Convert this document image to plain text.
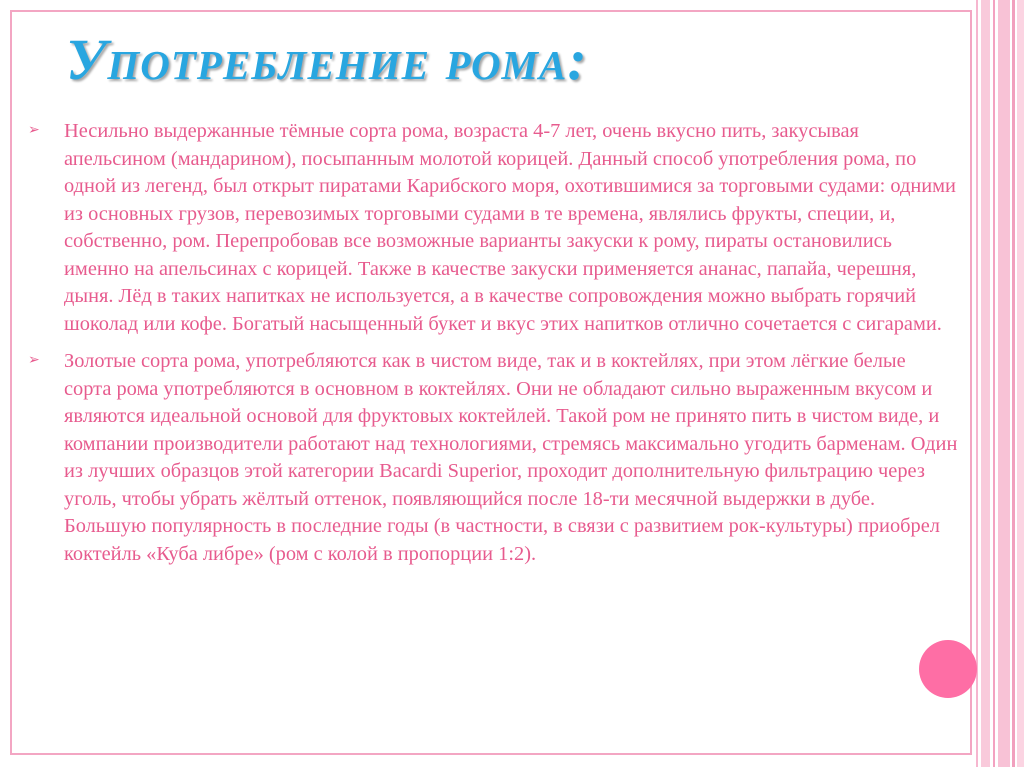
Употребление рома:
➢ Несильно выдержанные тёмные сорта рома, возраста 4-7 лет, очень вкусно пить, закусывая апельсином (мандарином), посыпанным молотой корицей. Данный способ употребления рома, по одной из легенд, был открыт пиратами Карибского моря, охотившимися за торговыми судами: одними из основных грузов, перевозимых торговыми судами в те времена, являлись фрукты, специи, и, собственно, ром. Перепробовав все возможные варианты закуски к рому, пираты остановились именно на апельсинах с корицей. Также в качестве закуски применяется ананас, папайа, черешня, дыня. Лёд в таких напитках не используется, а в качестве сопровождения можно выбрать горячий шоколад или кофе. Богатый насыщенный букет и вкус этих напитков отлично сочетается с сигарами.
➢ Золотые сорта рома, употребляются как в чистом виде, так и в коктейлях, при этом лёгкие белые сорта рома употребляются в основном в коктейлях. Они не обладают сильно выраженным вкусом и являются идеальной основой для фруктовых коктейлей. Такой ром не принято пить в чистом виде, и компании производители работают над технологиями, стремясь максимально угодить барменам. Один из лучших образцов этой категории Bacardi Superior, проходит дополнительную фильтрацию через уголь, чтобы убрать жёлтый оттенок, появляющийся после 18-ти месячной выдержки в дубе. Большую популярность в последние годы (в частности, в связи с развитием рок-культуры) приобрел коктейль «Куба либре» (ром с колой в пропорции 1:2).
